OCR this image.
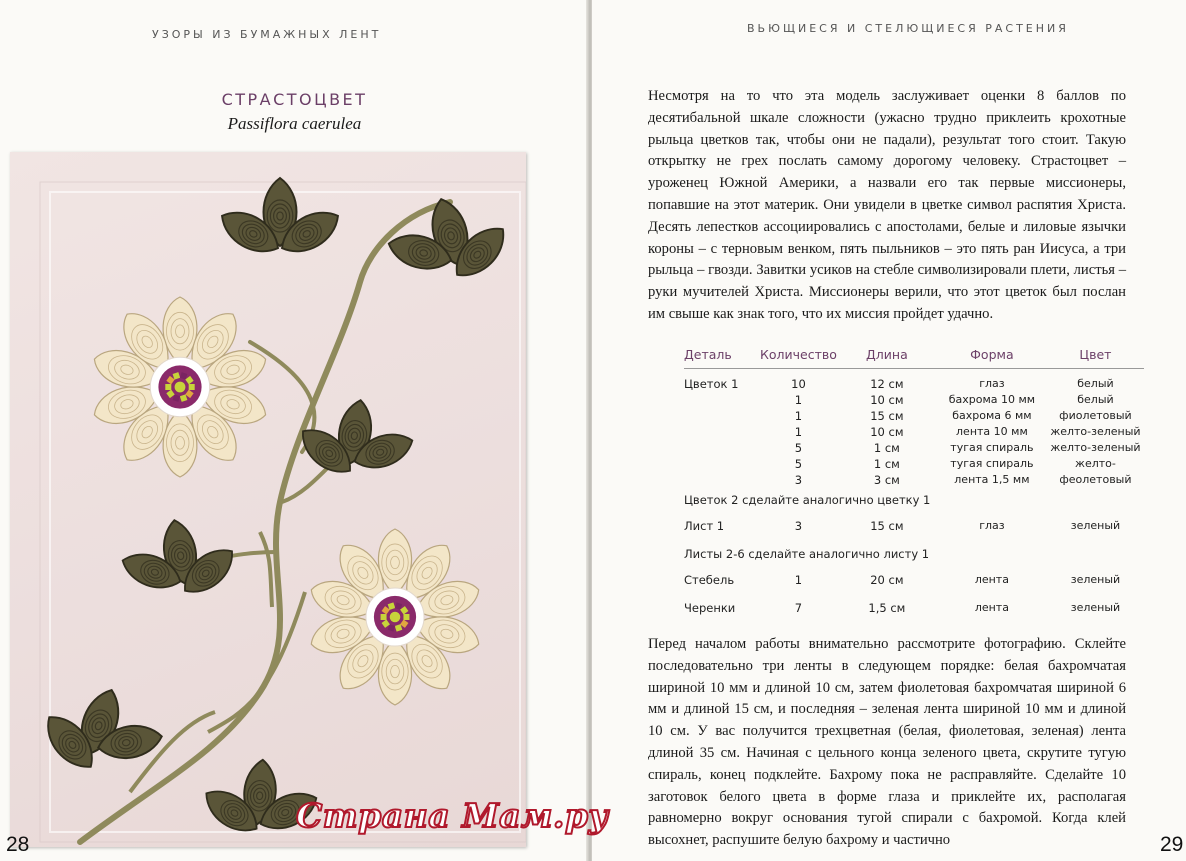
УЗОРЫ ИЗ БУМАЖНЫХ ЛЕНТ
СТРАСТОЦВЕТ
Passiflora caerulea
28
ВЬЮЩИЕСЯ И СТЕЛЮЩИЕСЯ РАСТЕНИЯ

Несмотря на то что эта модель заслуживает оценки 8 баллов по десятибальной шкале сложности (ужасно трудно приклеить крохотные рыльца цветков так, чтобы они не падали), результат того стоит. Такую открытку не грех послать самому дорогому человеку. Страстоцвет – уроженец Южной Америки, а назвали его так первые миссионеры, попавшие на этот материк. Они увидели в цветке символ распятия Христа. Десять лепестков ассоциировались с апостолами, белые и лиловые язычки короны – с терновым венком, пять пыльников – это пять ран Иисуса, а три рыльца – гвозди. Завитки усиков на стебле символизировали плети, листья – руки мучителей Христа. Миссионеры верили, что этот цветок был послан им свыше как знак того, что их миссия пройдет удачно.

Деталь	Количество	Длина	Форма	Цвет

Цветок 1	10	12 см	глаз	белый
	1	10 см	бахрома 10 мм	белый
	1	15 см	бахрома 6 мм	фиолетовый
	1	10 см	лента 10 мм	желто-зеленый
	5	1 см	тугая спираль	желто-зеленый
	5	1 см	тугая спираль	желто-
	3	3 см	лента 1,5 мм	феолетовый
Цветок 2 сделайте аналогично цветку 1				
Лист 1	3	15 см	глаз	зеленый
Листы 2-6 сделайте аналогично листу 1				
Стебель	1	20 см	лента	зеленый
Черенки	7	1,5 см	лента	зеленый

Перед началом работы внимательно рассмотрите фотографию. Склейте последовательно три ленты в следующем порядке: белая бахромчатая шириной 10 мм и длиной 10 см, затем фиолетовая бахромчатая шириной 6 мм и длиной 15 см, и последняя – зеленая лента шириной 10 мм и длиной 10 см. У вас получится трехцветная (белая, фиолетовая, зеленая) лента длиной 35 см. Начиная с цельного конца зеленого цвета, скрутите тугую спираль, конец подклейте. Бахрому пока не расправляйте. Сделайте 10 заготовок белого цвета в форме глаза и приклейте их, располагая равномерно вокруг основания тугой спирали с бахромой. Когда клей высохнет, распушите белую бахрому и частично	29
Страна Мам.ру
